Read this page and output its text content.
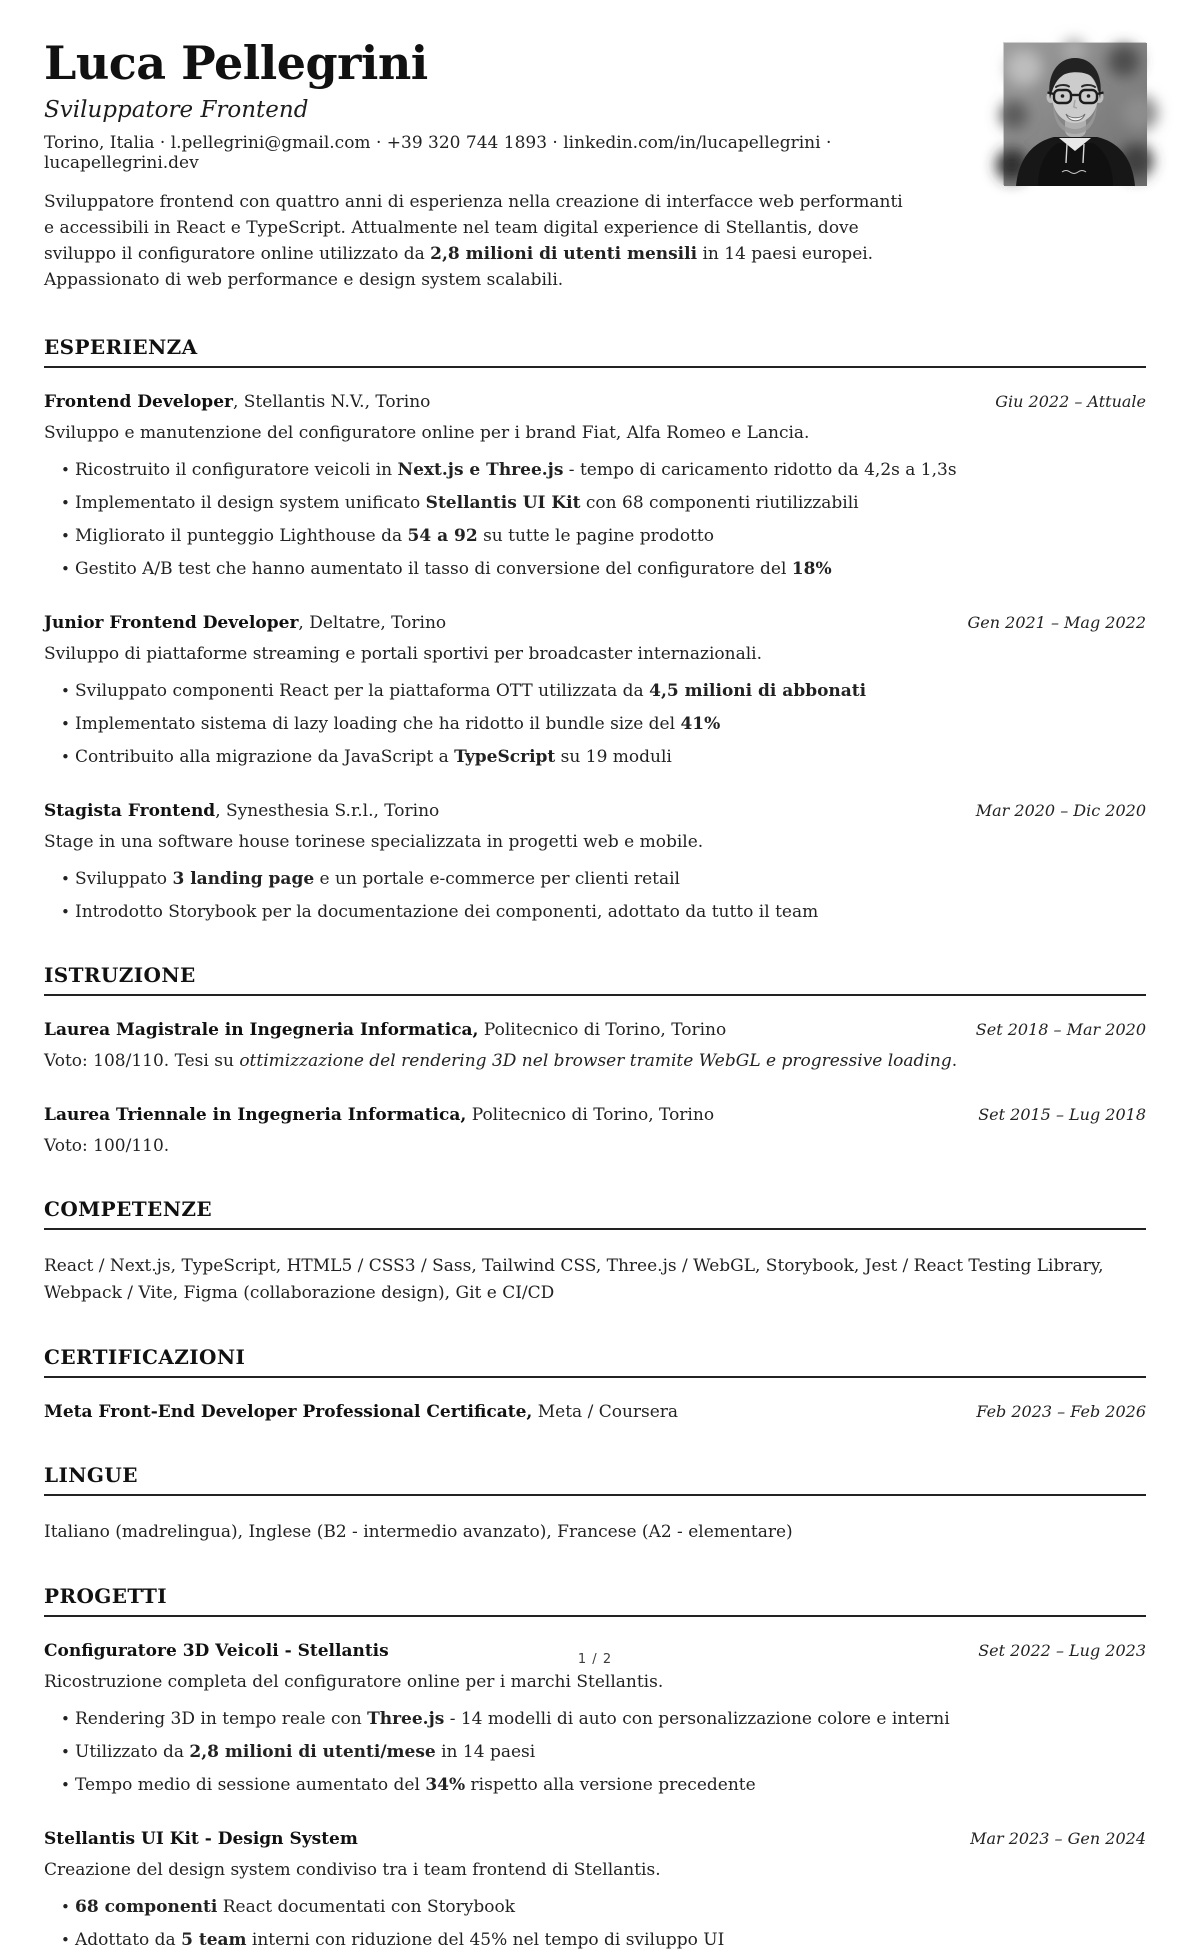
Luca Pellegrini
Sviluppatore Frontend
Torino, Italia · l.pellegrini@gmail.com · +39 320 744 1893 · linkedin.com/in/lucapellegrini · lucapellegrini.dev

Sviluppatore frontend con quattro anni di esperienza nella creazione di interfacce web performanti e accessibili in React e TypeScript. Attualmente nel team digital experience di Stellantis, dove sviluppo il configuratore online utilizzato da 2,8 milioni di utenti mensili in 14 paesi europei. Appassionato di web performance e design system scalabili.

ESPERIENZA
Frontend Developer, Stellantis N.V., Torino	Giu 2022 – Attuale
Sviluppo e manutenzione del configuratore online per i brand Fiat, Alfa Romeo e Lancia.
• Ricostruito il configuratore veicoli in Next.js e Three.js - tempo di caricamento ridotto da 4,2s a 1,3s
• Implementato il design system unificato Stellantis UI Kit con 68 componenti riutilizzabili
• Migliorato il punteggio Lighthouse da 54 a 92 su tutte le pagine prodotto
• Gestito A/B test che hanno aumentato il tasso di conversione del configuratore del 18%
Junior Frontend Developer, Deltatre, Torino	Gen 2021 – Mag 2022
Sviluppo di piattaforme streaming e portali sportivi per broadcaster internazionali.
• Sviluppato componenti React per la piattaforma OTT utilizzata da 4,5 milioni di abbonati
• Implementato sistema di lazy loading che ha ridotto il bundle size del 41%
• Contribuito alla migrazione da JavaScript a TypeScript su 19 moduli
Stagista Frontend, Synesthesia S.r.l., Torino	Mar 2020 – Dic 2020
Stage in una software house torinese specializzata in progetti web e mobile.
• Sviluppato 3 landing page e un portale e-commerce per clienti retail
• Introdotto Storybook per la documentazione dei componenti, adottato da tutto il team
ISTRUZIONE
Laurea Magistrale in Ingegneria Informatica, Politecnico di Torino, Torino	Set 2018 – Mar 2020
Voto: 108/110. Tesi su ottimizzazione del rendering 3D nel browser tramite WebGL e progressive loading.
Laurea Triennale in Ingegneria Informatica, Politecnico di Torino, Torino	Set 2015 – Lug 2018
Voto: 100/110.
COMPETENZE

React / Next.js, TypeScript, HTML5 / CSS3 / Sass, Tailwind CSS, Three.js / WebGL, Storybook, Jest / React Testing Library, Webpack / Vite, Figma (collaborazione design), Git e CI/CD

CERTIFICAZIONI
Meta Front-End Developer Professional Certificate, Meta / Coursera	Feb 2023 – Feb 2026
LINGUE

Italiano (madrelingua), Inglese (B2 - intermedio avanzato), Francese (A2 - elementare)

PROGETTI
Configuratore 3D Veicoli - Stellantis	Set 2022 – Lug 2023
Ricostruzione completa del configuratore online per i marchi Stellantis.
• Rendering 3D in tempo reale con Three.js - 14 modelli di auto con personalizzazione colore e interni
• Utilizzato da 2,8 milioni di utenti/mese in 14 paesi
• Tempo medio di sessione aumentato del 34% rispetto alla versione precedente
Stellantis UI Kit - Design System	Mar 2023 – Gen 2024
Creazione del design system condiviso tra i team frontend di Stellantis.
• 68 componenti React documentati con Storybook
• Adottato da 5 team interni con riduzione del 45% nel tempo di sviluppo UI
1 / 2
